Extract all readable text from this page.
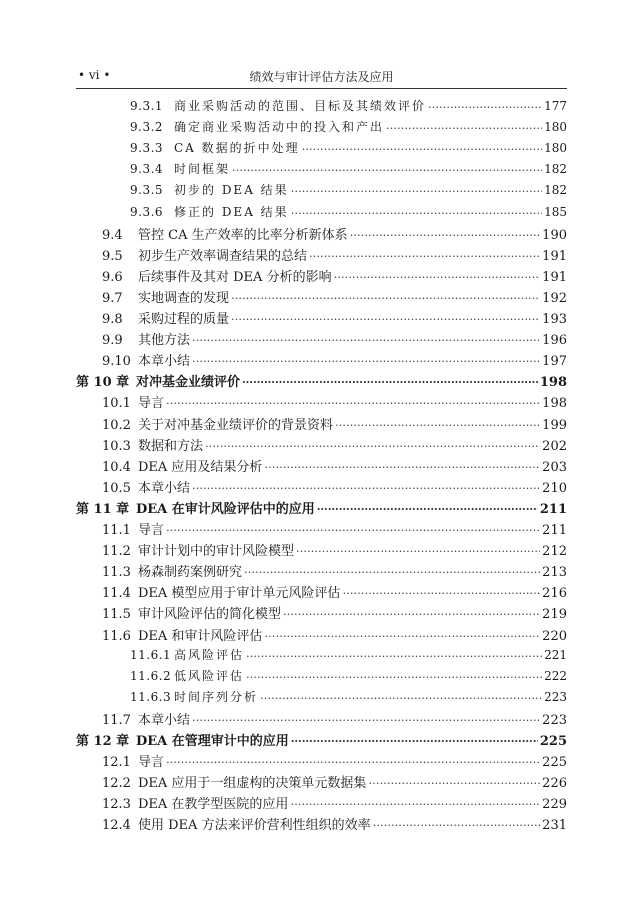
• vi •	绩效与审计评估方法及应用
9.3.1 商业采购活动的范围、目标及其绩效评价 …………………………………………………………………………………………………………………………………………………………………………………………………………	177
9.3.2 确定商业采购活动中的投入和产出 …………………………………………………………………………………………………………………………………………………………………………………………………………	180
9.3.3 CA 数据的折中处理 …………………………………………………………………………………………………………………………………………………………………………………………………………	180
9.3.4 时间框架 …………………………………………………………………………………………………………………………………………………………………………………………………………	182
9.3.5 初步的 DEA 结果 …………………………………………………………………………………………………………………………………………………………………………………………………………	182
9.3.6 修正的 DEA 结果 …………………………………………………………………………………………………………………………………………………………………………………………………………	185
9.4	管控 CA 生产效率的比率分析新体系 …………………………………………………………………………………………………………………………………………………………………………………………………………	190
9.5	初步生产效率调查结果的总结 …………………………………………………………………………………………………………………………………………………………………………………………………………	191
9.6	后续事件及其对 DEA 分析的影响 …………………………………………………………………………………………………………………………………………………………………………………………………………	191
9.7	实地调查的发现 …………………………………………………………………………………………………………………………………………………………………………………………………………	192
9.8	采购过程的质量 …………………………………………………………………………………………………………………………………………………………………………………………………………	193
9.9	其他方法 …………………………………………………………………………………………………………………………………………………………………………………………………………	196
9.10 本章小结 …………………………………………………………………………………………………………………………………………………………………………………………………………	197
第 10 章 对冲基金业绩评价 …………………………………………………………………………………………………………………………………………………………………………………………………………	198
10.1 导言 …………………………………………………………………………………………………………………………………………………………………………………………………………	198
10.2 关于对冲基金业绩评价的背景资料 …………………………………………………………………………………………………………………………………………………………………………………………………………	199
10.3 数据和方法 …………………………………………………………………………………………………………………………………………………………………………………………………………	202
10.4 DEA 应用及结果分析 …………………………………………………………………………………………………………………………………………………………………………………………………………	203
10.5 本章小结 …………………………………………………………………………………………………………………………………………………………………………………………………………	210
第 11 章 DEA 在审计风险评估中的应用 …………………………………………………………………………………………………………………………………………………………………………………………………………	211
11.1 导言 …………………………………………………………………………………………………………………………………………………………………………………………………………	211
11.2 审计计划中的审计风险模型 …………………………………………………………………………………………………………………………………………………………………………………………………………	212
11.3 杨森制药案例研究 …………………………………………………………………………………………………………………………………………………………………………………………………………	213
11.4 DEA 模型应用于审计单元风险评估 …………………………………………………………………………………………………………………………………………………………………………………………………………	216
11.5 审计风险评估的简化模型 …………………………………………………………………………………………………………………………………………………………………………………………………………	219
11.6 DEA 和审计风险评估 …………………………………………………………………………………………………………………………………………………………………………………………………………	220
11.6.1 高风险评估 …………………………………………………………………………………………………………………………………………………………………………………………………………	221
11.6.2 低风险评估 …………………………………………………………………………………………………………………………………………………………………………………………………………	222
11.6.3 时间序列分析 …………………………………………………………………………………………………………………………………………………………………………………………………………	223
11.7 本章小结 …………………………………………………………………………………………………………………………………………………………………………………………………………	223
第 12 章 DEA 在管理审计中的应用 …………………………………………………………………………………………………………………………………………………………………………………………………………	225
12.1 导言 …………………………………………………………………………………………………………………………………………………………………………………………………………	225
12.2 DEA 应用于一组虚构的决策单元数据集 …………………………………………………………………………………………………………………………………………………………………………………………………………	226
12.3 DEA 在教学型医院的应用 …………………………………………………………………………………………………………………………………………………………………………………………………………	229
12.4 使用 DEA 方法来评价营利性组织的效率 …………………………………………………………………………………………………………………………………………………………………………………………………………	231
